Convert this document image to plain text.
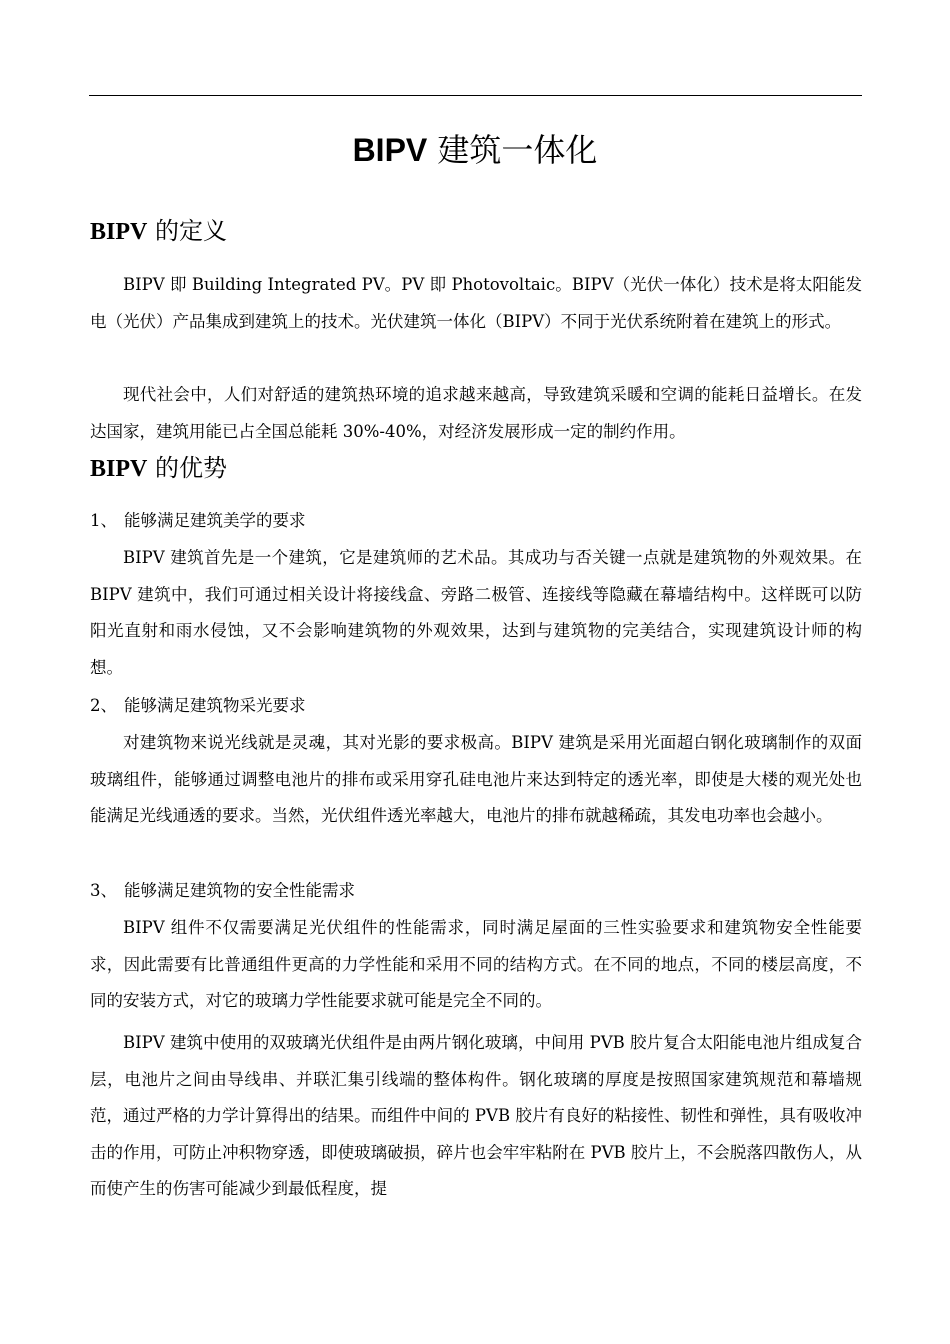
BIPV 建筑一体化
BIPV 的定义
BIPV 即 Building Integrated PV。PV 即 Photovoltaic。BIPV（光伏一体化）技术是将太阳能发电（光伏）产品集成到建筑上的技术。光伏建筑一体化（BIPV）不同于光伏系统附着在建筑上的形式。
现代社会中，人们对舒适的建筑热环境的追求越来越高，导致建筑采暖和空调的能耗日益增长。在发达国家，建筑用能已占全国总能耗 30%-40%，对经济发展形成一定的制约作用。
BIPV 的优势
1、 能够满足建筑美学的要求
BIPV 建筑首先是一个建筑，它是建筑师的艺术品。其成功与否关键一点就是建筑物的外观效果。在 BIPV 建筑中，我们可通过相关设计将接线盒、旁路二极管、连接线等隐藏在幕墙结构中。这样既可以防阳光直射和雨水侵蚀，又不会影响建筑物的外观效果，达到与建筑物的完美结合，实现建筑设计师的构想。
2、 能够满足建筑物采光要求
对建筑物来说光线就是灵魂，其对光影的要求极高。BIPV 建筑是采用光面超白钢化玻璃制作的双面玻璃组件，能够通过调整电池片的排布或采用穿孔硅电池片来达到特定的透光率，即使是大楼的观光处也能满足光线通透的要求。当然，光伏组件透光率越大，电池片的排布就越稀疏，其发电功率也会越小。
3、 能够满足建筑物的安全性能需求
BIPV 组件不仅需要满足光伏组件的性能需求，同时满足屋面的三性实验要求和建筑物安全性能要求，因此需要有比普通组件更高的力学性能和采用不同的结构方式。在不同的地点，不同的楼层高度，不同的安装方式，对它的玻璃力学性能要求就可能是完全不同的。
BIPV 建筑中使用的双玻璃光伏组件是由两片钢化玻璃，中间用 PVB 胶片复合太阳能电池片组成复合层，电池片之间由导线串、并联汇集引线端的整体构件。钢化玻璃的厚度是按照国家建筑规范和幕墙规范，通过严格的力学计算得出的结果。而组件中间的 PVB 胶片有良好的粘接性、韧性和弹性，具有吸收冲击的作用，可防止冲积物穿透，即使玻璃破损，碎片也会牢牢粘附在 PVB 胶片上，不会脱落四散伤人，从而使产生的伤害可能减少到最低程度，提
